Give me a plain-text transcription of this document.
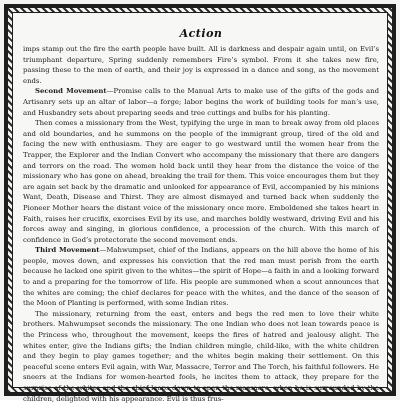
Action

imps stamp out the fire the earth people have built. All is darkness and despair again until, on Evil’s triumphant departure, Spring suddenly remembers Fire’s symbol. From it she takes new fire, passing these to the men of earth, and their joy is expressed in a dance and song, as the movement ends.

Second Movement—Promise calls to the Manual Arts to make use of the gifts of the gods and Artisanry sets up an altar of labor—a forge; labor begins the work of building tools for man’s use, and Husbandry sets about preparing seeds and tree cuttings and bulbs for his planting.

Then comes a missionary from the West, typifying the urge in man to break away from old places and old boundaries, and he summons on the people of the immigrant group, tired of the old and facing the new with enthusiasm. They are eager to go westward until the women hear from the Trapper, the Explorer and the Indian Convert who accompany the missionary that there are dangers and terrors on the road. The women hold back until they hear from the distance the voice of the missionary who has gone on ahead, breaking the trail for them. This voice encourages them but they are again set back by the dramatic and unlooked for appearance of Evil, accompanied by his minions Want, Death, Disease and Thirst. They are almost dismayed and turned back when suddenly the Pioneer Mother hears the distant voice of the missionary once more. Emboldened she takes heart in Faith, raises her crucifix, exorcises Evil by its use, and marches boldly westward, driving Evil and his forces away and singing, in glorious confidence, a procession of the church. With this march of confidence in God’s protectorate the second movement ends.

Third Movement—Mahwumpset, chief of the Indians, appears on the hill above the home of his people, moves down, and expresses his conviction that the red man must perish from the earth because he lacked one spirit given to the whites—the spirit of Hope—a faith in and a looking forward to and a preparing for the tomorrow of life. His people are summoned when a scout announces that the whites are coming; the chief declares for peace with the whites, and the dance of the season of the Moon of Planting is performed, with some Indian rites.

The missionary, returning from the east, enters and begs the red men to love their white brothers. Mahwumpset seconds the missionary. The one Indian who does not lean towards peace is the Princess who, throughout the movement, keeps the fires of hatred and jealousy alight. The whites enter, give the Indians gifts; the Indian children mingle, child-like, with the white children and they begin to play games together; and the whites begin making their settlement. On this peaceful scene enters Evil again, with War, Massacre, Terror and The Torch, his faithful followers. He sneers at the Indians for women-hearted fools, he incites them to attack, they prepare for the surprise of the whites and the chief leaps down to open the massacre, when he is surrounded by the children, delighted with his appearance. Evil is thus frus-
